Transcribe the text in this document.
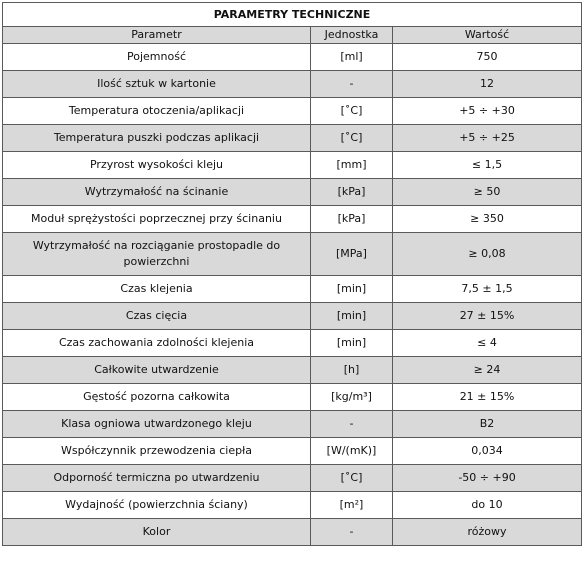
PARAMETRY TECHNICZNE		
Parametr	Jednostka	Wartość
Pojemność	[ml]	750
Ilość sztuk w kartonie	-	12
Temperatura otoczenia/aplikacji	[˚C]	+5 ÷ +30
Temperatura puszki podczas aplikacji	[˚C]	+5 ÷ +25
Przyrost wysokości kleju	[mm]	≤ 1,5
Wytrzymałość na ścinanie	[kPa]	≥ 50
Moduł sprężystości poprzecznej przy ścinaniu	[kPa]	≥ 350
Wytrzymałość na rozciąganie prostopadle do powierzchni	[MPa]	≥ 0,08
Czas klejenia	[min]	7,5 ± 1,5
Czas cięcia	[min]	27 ± 15%
Czas zachowania zdolności klejenia	[min]	≤ 4
Całkowite utwardzenie	[h]	≥ 24
Gęstość pozorna całkowita	[kg/m³]	21 ± 15%
Klasa ogniowa utwardzonego kleju	-	B2
Współczynnik przewodzenia ciepła	[W/(mK)]	0,034
Odporność termiczna po utwardzeniu	[˚C]	-50 ÷ +90
Wydajność (powierzchnia ściany)	[m²]	do 10
Kolor	-	różowy
